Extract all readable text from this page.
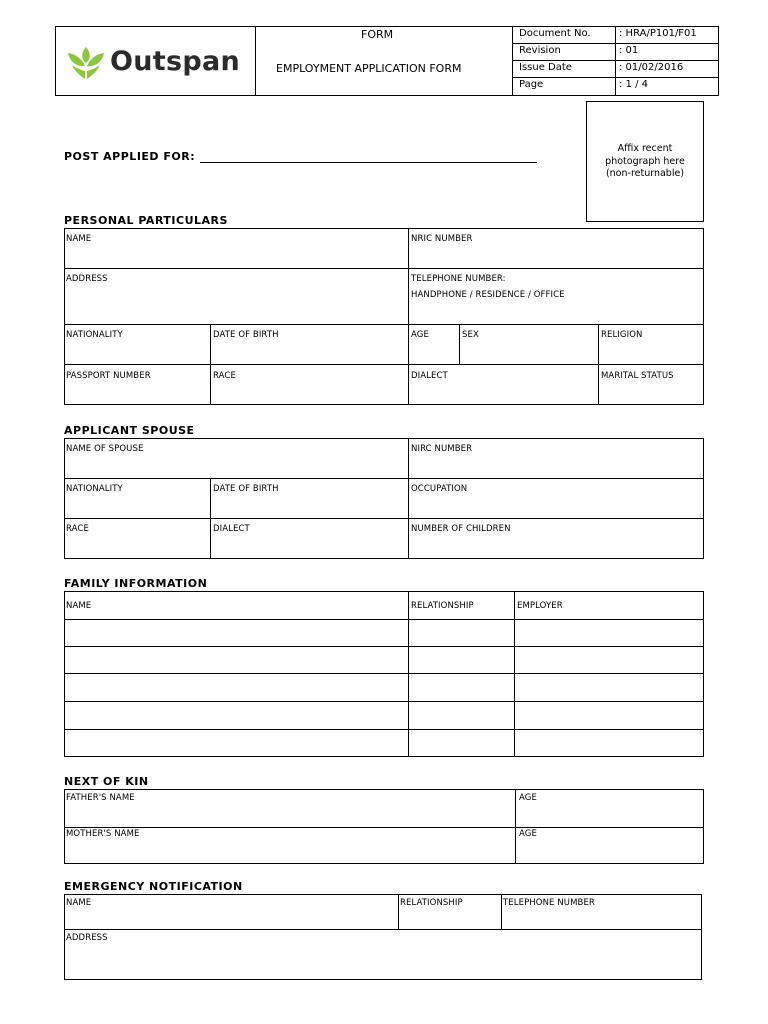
Outspan
FORM
EMPLOYMENT APPLICATION FORM
Document No.	: HRA/P101/F01
Revision	: 01
Issue Date	: 01/02/2016
Page	: 1 / 4
Affix recent
photograph here
(non-returnable)
POST APPLIED FOR:
PERSONAL PARTICULARS
NAME	NRIC NUMBER
ADDRESS	TELEPHONE NUMBER:
HANDPHONE / RESIDENCE / OFFICE
NATIONALITY	DATE OF BIRTH	AGE	SEX	RELIGION
PASSPORT NUMBER	RACE	DIALECT	MARITAL STATUS
APPLICANT SPOUSE
NAME OF SPOUSE	NIRC NUMBER
NATIONALITY	DATE OF BIRTH	OCCUPATION
RACE	DIALECT	NUMBER OF CHILDREN
FAMILY INFORMATION
NAME	RELATIONSHIP	EMPLOYER
NEXT OF KIN
FATHER'S NAME	AGE
MOTHER'S NAME	AGE
EMERGENCY NOTIFICATION
NAME	RELATIONSHIP	TELEPHONE NUMBER
ADDRESS
